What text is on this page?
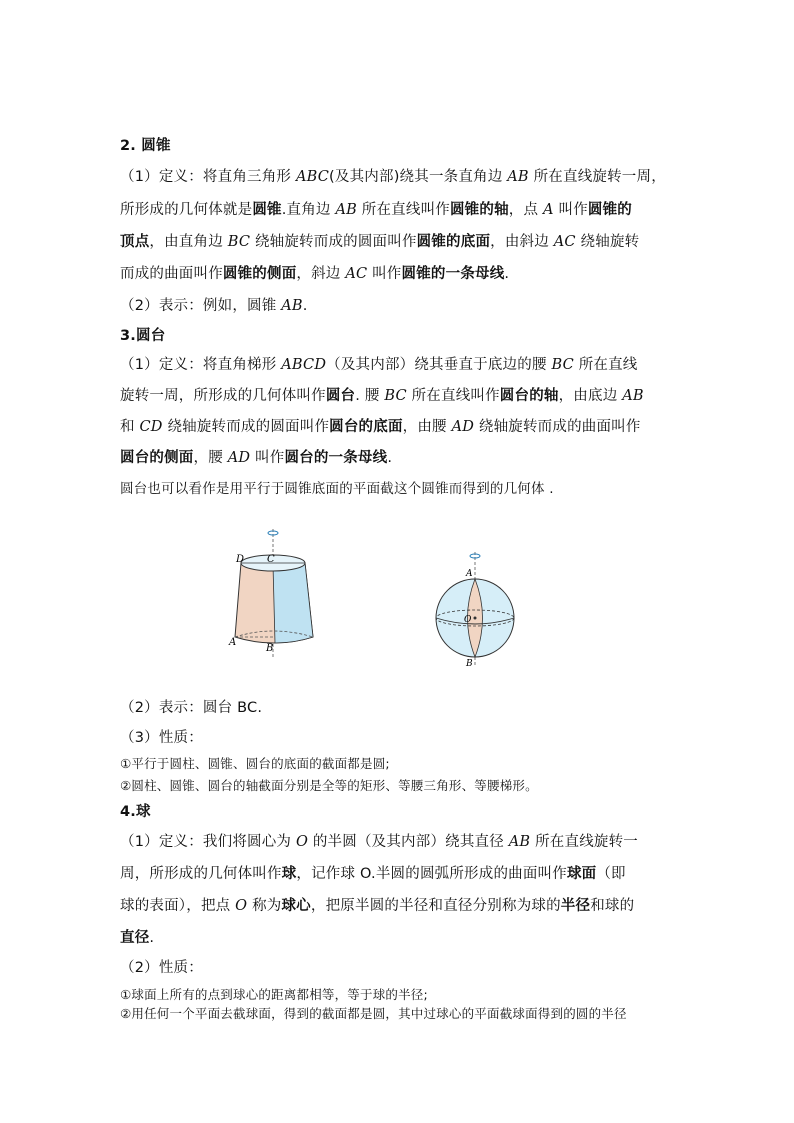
2. 圆锥
（1）定义：将直角三角形 ABC(及其内部)绕其一条直角边 AB 所在直线旋转一周，
所形成的几何体就是圆锥.直角边 AB 所在直线叫作圆锥的轴，点 A 叫作圆锥的
顶点，由直角边 BC 绕轴旋转而成的圆面叫作圆锥的底面，由斜边 AC 绕轴旋转
而成的曲面叫作圆锥的侧面，斜边 AC 叫作圆锥的一条母线.
（2）表示：例如，圆锥 AB.
3.圆台
（1）定义：将直角梯形 ABCD（及其内部）绕其垂直于底边的腰 BC 所在直线
旋转一周，所形成的几何体叫作圆台. 腰 BC 所在直线叫作圆台的轴，由底边 AB
和 CD 绕轴旋转而成的圆面叫作圆台的底面，由腰 AD 绕轴旋转而成的曲面叫作
圆台的侧面，腰 AD 叫作圆台的一条母线.
圆台也可以看作是用平行于圆锥底面的平面截这个圆锥而得到的几何体 .
D C
A
B
A
O
B
（2）表示：圆台 BC.
（3）性质：
①平行于圆柱、圆锥、圆台的底面的截面都是圆;
②圆柱、圆锥、圆台的轴截面分别是全等的矩形、等腰三角形、等腰梯形。
4.球
（1）定义：我们将圆心为 O 的半圆（及其内部）绕其直径 AB 所在直线旋转一
周，所形成的几何体叫作球，记作球 O.半圆的圆弧所形成的曲面叫作球面（即
球的表面），把点 O 称为球心，把原半圆的半径和直径分别称为球的半径和球的
直径.
（2）性质：
①球面上所有的点到球心的距离都相等，等于球的半径;
②用任何一个平面去截球面，得到的截面都是圆，其中过球心的平面截球面得到的圆的半径
